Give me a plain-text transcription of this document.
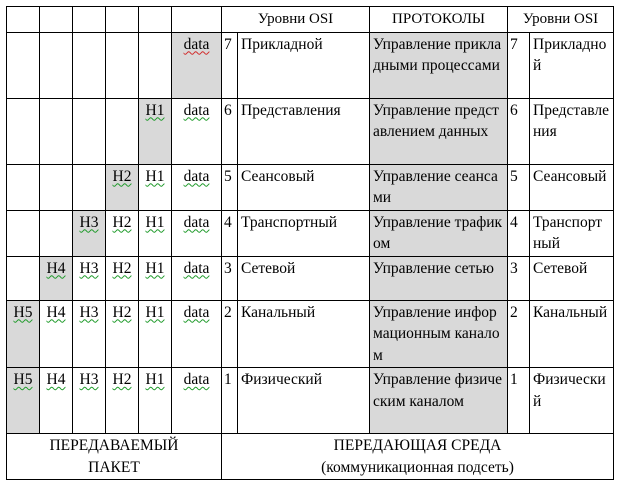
						Уровни OSI		ПРОТОКОЛЫ	Уровни OSI	
					data	7	Прикладной	Управление прикладными процессами	7	Прикладной
				H1	data	6	Представления	Управление представлением данных	6	Представления
			H2	H1	data	5	Сеансовый	Управление сеансами	5	Сеансовый
		H3	H2	H1	data	4	Транспортный	Управление трафиком	4	Транспортный
	H4	H3	H2	H1	data	3	Сетевой	Управление сетью	3	Сетевой
H5	H4	H3	H2	H1	data	2	Канальный	Управление информационным каналом	2	Канальный
H5	H4	H3	H2	H1	data	1	Физический	Управление физическим каналом	1	Физический

ПЕРЕДАВАЕМЫЙ
ПАКЕТ						ПЕРЕДАЮЩАЯ СРЕДА
(коммуникационная подсеть)				
